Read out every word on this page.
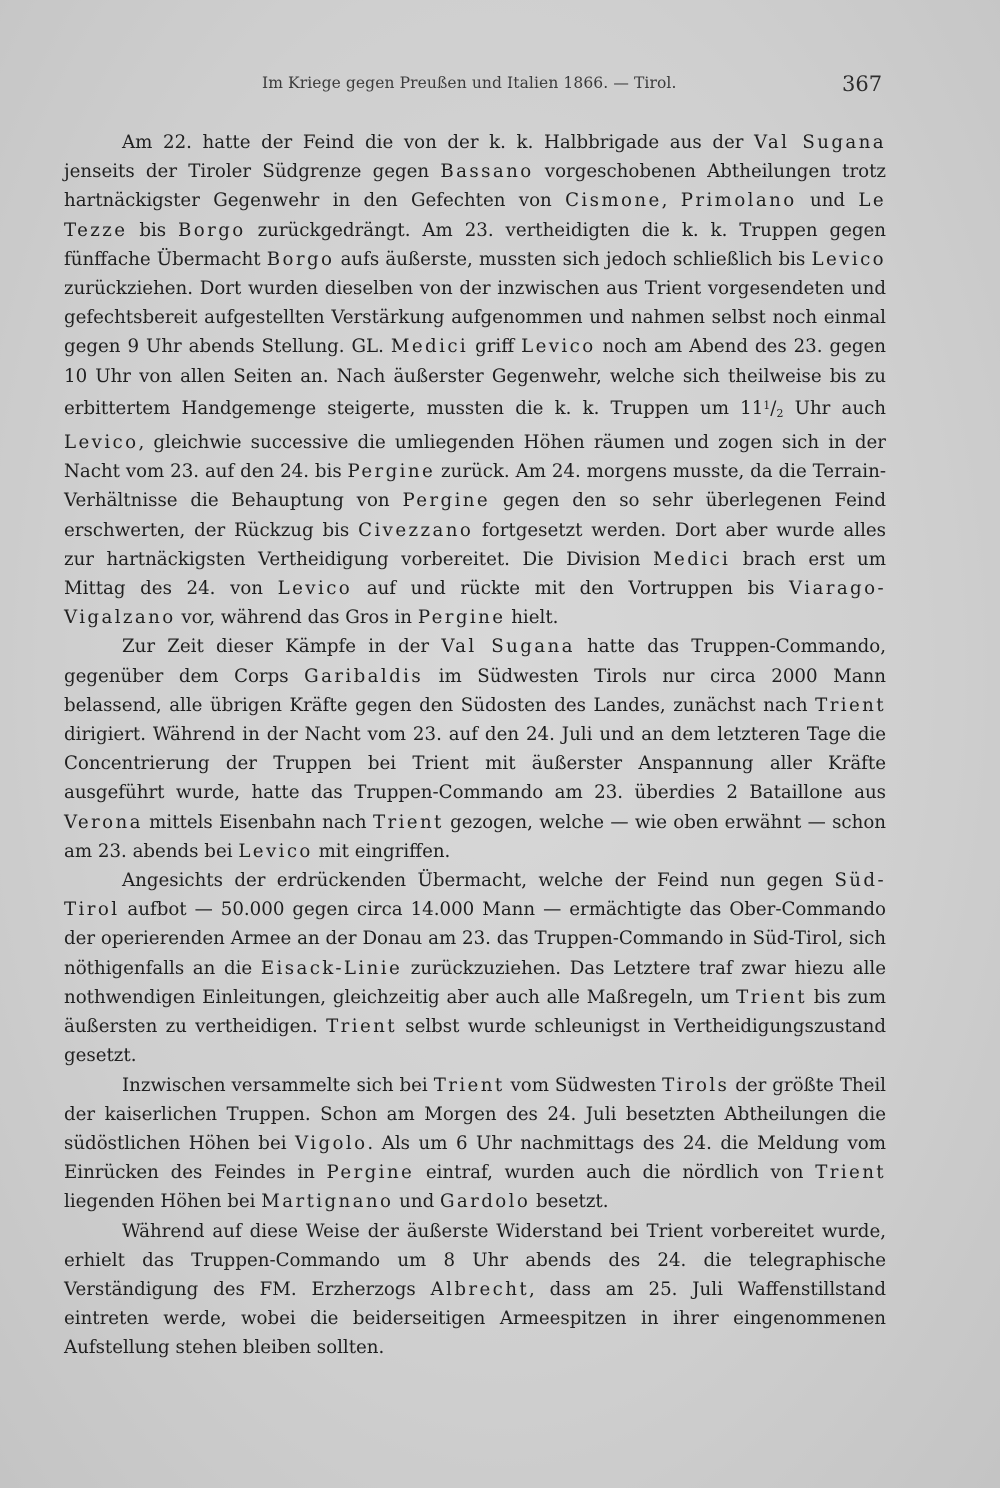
Im Kriege gegen Preußen und Italien 1866. — Tirol.	367

Am 22. hatte der Feind die von der k. k. Halbbrigade aus der Val Sugana jenseits der Tiroler Südgrenze gegen Bassano vorgeschobenen Abtheilungen trotz hartnäckigster Gegenwehr in den Gefechten von Cismone, Primolano und Le Tezze bis Borgo zurückgedrängt. Am 23. vertheidigten die k. k. Truppen gegen fünffache Übermacht Borgo aufs äußerste, mussten sich jedoch schließlich bis Levico zurückziehen. Dort wurden dieselben von der inzwischen aus Trient vorgesendeten und gefechtsbereit aufgestellten Verstärkung aufgenommen und nahmen selbst noch einmal gegen 9 Uhr abends Stellung. GL. Medici griff Levico noch am Abend des 23. gegen 10 Uhr von allen Seiten an. Nach äußerster Gegenwehr, welche sich theilweise bis zu erbittertem Handgemenge steigerte, mussten die k. k. Truppen um $11^1/_2$ Uhr auch Levico, gleichwie successive die umliegenden Höhen räumen und zogen sich in der Nacht vom 23. auf den 24. bis Pergine zurück. Am 24. morgens musste, da die Terrain-Verhältnisse die Behauptung von Pergine gegen den so sehr überlegenen Feind erschwerten, der Rückzug bis Civezzano fortgesetzt werden. Dort aber wurde alles zur hartnäckigsten Vertheidigung vorbereitet. Die Division Medici brach erst um Mittag des 24. von Levico auf und rückte mit den Vortruppen bis Viarago-Vigalzano vor, während das Gros in Pergine hielt.

Zur Zeit dieser Kämpfe in der Val Sugana hatte das Truppen-Commando, gegenüber dem Corps Garibaldis im Südwesten Tirols nur circa 2000 Mann belassend, alle übrigen Kräfte gegen den Südosten des Landes, zunächst nach Trient dirigiert. Während in der Nacht vom 23. auf den 24. Juli und an dem letzteren Tage die Concentrierung der Truppen bei Trient mit äußerster Anspannung aller Kräfte ausgeführt wurde, hatte das Truppen-Commando am 23. überdies 2 Bataillone aus Verona mittels Eisenbahn nach Trient gezogen, welche — wie oben erwähnt — schon am 23. abends bei Levico mit eingriffen.

Angesichts der erdrückenden Übermacht, welche der Feind nun gegen Süd-Tirol aufbot — 50.000 gegen circa 14.000 Mann — ermächtigte das Ober-Commando der operierenden Armee an der Donau am 23. das Truppen-Commando in Süd-Tirol, sich nöthigenfalls an die Eisack-Linie zurückzuziehen. Das Letztere traf zwar hiezu alle nothwendigen Einleitungen, gleichzeitig aber auch alle Maßregeln, um Trient bis zum äußersten zu vertheidigen. Trient selbst wurde schleunigst in Vertheidigungszustand gesetzt.

Inzwischen versammelte sich bei Trient vom Südwesten Tirols der größte Theil der kaiserlichen Truppen. Schon am Morgen des 24. Juli besetzten Abtheilungen die südöstlichen Höhen bei Vigolo. Als um 6 Uhr nachmittags des 24. die Meldung vom Einrücken des Feindes in Pergine eintraf, wurden auch die nördlich von Trient liegenden Höhen bei Martignano und Gardolo besetzt.

Während auf diese Weise der äußerste Widerstand bei Trient vorbereitet wurde, erhielt das Truppen-Commando um 8 Uhr abends des 24. die telegraphische Verständigung des FM. Erzherzogs Albrecht, dass am 25. Juli Waffenstillstand eintreten werde, wobei die beiderseitigen Armeespitzen in ihrer eingenommenen Aufstellung stehen bleiben sollten.
